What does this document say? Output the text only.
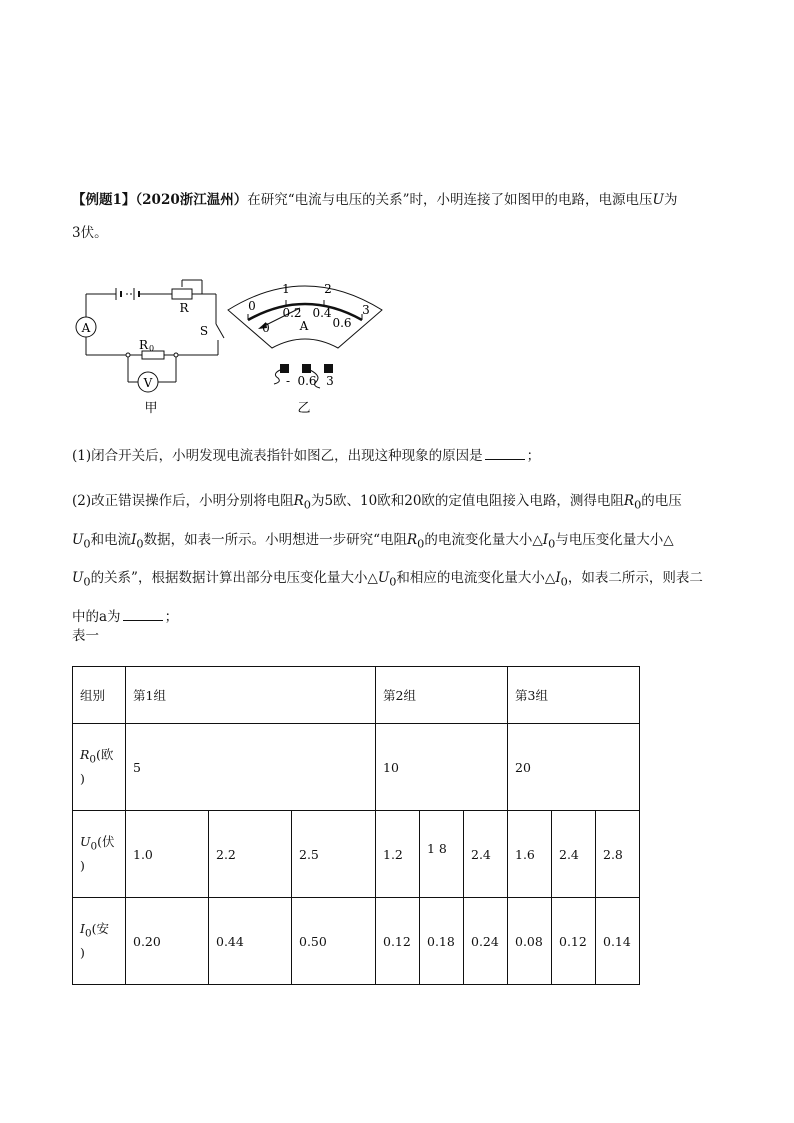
【例题1】（2020浙江温州）在研究“电流与电压的关系”时，小明连接了如图甲的电路，电源电压U为
3伏。
A
V
R
S
R 0
甲
0
1	2
3
0
0.2 0.4
0.6
A
- 0.6 3
乙
(1)闭合开关后，小明发现电流表指针如图乙，出现这种现象的原因是	；
(2)改正错误操作后，小明分别将电阻$R_0$为5欧、10欧和20欧的定值电阻接入电路，测得电阻$R_0$的电压
$U_0$和电流$I_0$数据，如表一所示。小明想进一步研究“电阻$R_0$的电流变化量大小$\triangle I_0$与电压变化量大小△
$U_0$的关系”，根据数据计算出部分电压变化量大小$\triangle U_0$和相应的电流变化量大小$\triangle I_0$，如表二所示，则表二
中的a为	；
表一
组别	第1组			第2组			第3组		
$R_0$(欧
)	5			10			20		
$U_0$(伏
)	1.0	2.2	2.5	1.2	1 8	2.4	1.6	2.4	2.8
$I_0$(安
)	0.20	0.44	0.50	0.12	0.18	0.24	0.08	0.12	0.14
